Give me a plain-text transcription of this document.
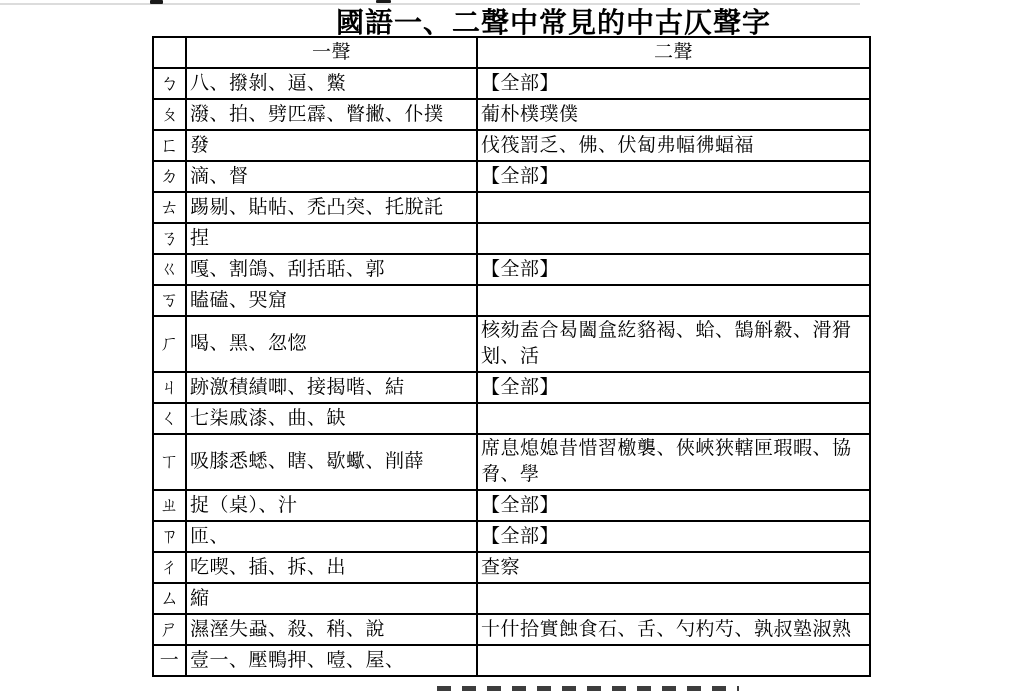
國語一、二聲中常見的中古仄聲字
	一聲	二聲
ㄅ	八、撥剝、逼、鱉	【全部】
ㄆ	潑、拍、劈匹霹、瞥撇、仆撲	葡朴樸璞僕
ㄈ	發	伐筏罰乏、佛、伏匐弗幅彿蝠福
ㄉ	滴、督	【全部】
ㄊ	踢剔、貼帖、禿凸突、托脫託	
ㄋ	捏	
ㄍ	嘎、割鴿、刮括聒、郭	【全部】
ㄎ	瞌磕、哭窟	
ㄏ	喝、黑、忽惚	核劾盍合曷闔盒紇貉褐、蛤、鵠斛縠、滑猾划、活
ㄐ	跡激積績唧、接揭喈、結	【全部】
ㄑ	七柒戚漆、曲、缺	
ㄒ	吸膝悉蟋、瞎、歇蠍、削薛	席息熄媳昔惜習檄襲、俠峽狹轄匣瑕暇、協脅、學
ㄓ	捉（桌）、汁	【全部】
ㄗ	匝、	【全部】
ㄔ	吃喫、插、拆、出	查察
ㄙ	縮	
ㄕ	濕溼失蝨、殺、稍、說	十什拾實蝕食石、舌、勺杓芍、孰叔塾淑熟
一	壹一、壓鴨押、噎、屋、	
